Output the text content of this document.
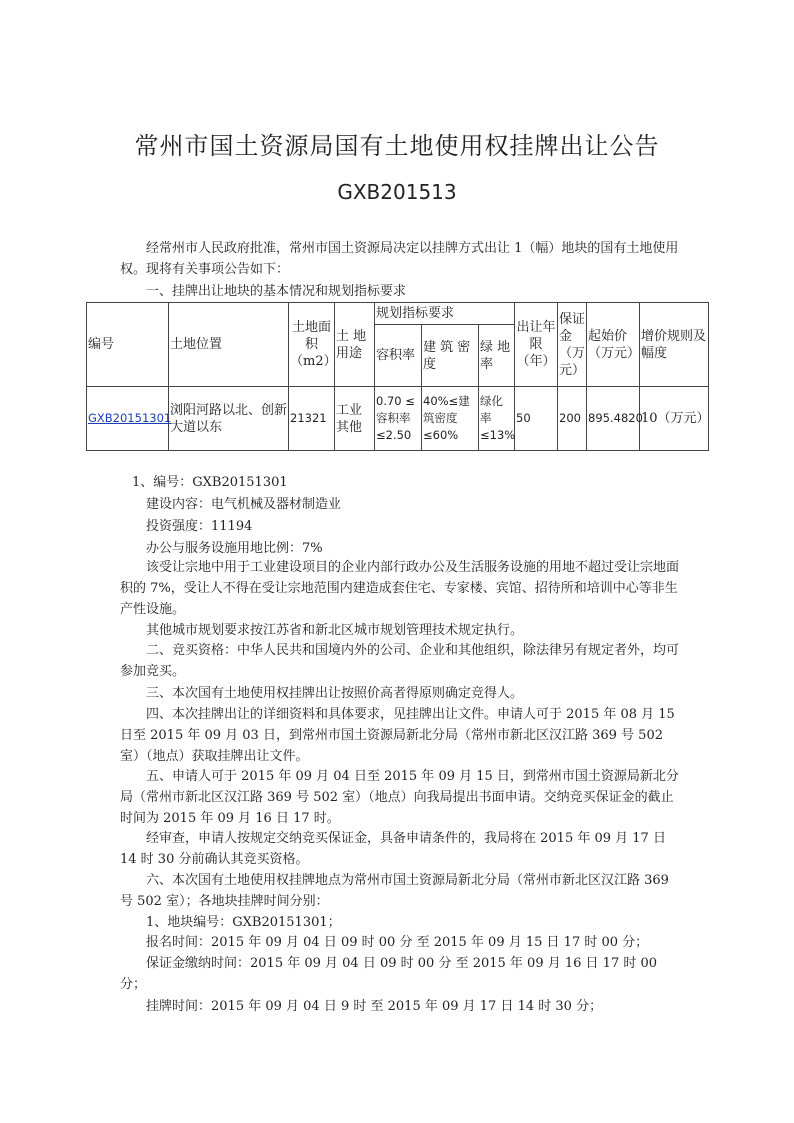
常州市国土资源局国有土地使用权挂牌出让公告
GXB201513
经常州市人民政府批准，常州市国土资源局决定以挂牌方式出让 1（幅）地块的国有土地使用权。现将有关事项公告如下：
一、挂牌出让地块的基本情况和规划指标要求
编号	土地位置	土地面积（m2）	土 地用途	规划指标要求			出让年限（年）	保证金（万元）	起始价（万元）	增价规则及幅度
				容积率	建 筑 密度	绿 地率				
GXB20151301	浏阳河路以北、创新大道以东	21321	工业其他	0.70 ≤容积率≤2.50	40%≤建筑密度≤60%	绿化率≤13%	50	200	895.4820	10（万元）
1、编号：GXB20151301
建设内容：电气机械及器材制造业
投资强度：11194
办公与服务设施用地比例：7%
该受让宗地中用于工业建设项目的企业内部行政办公及生活服务设施的用地不超过受让宗地面积的 7%，受让人不得在受让宗地范围内建造成套住宅、专家楼、宾馆、招待所和培训中心等非生产性设施。
其他城市规划要求按江苏省和新北区城市规划管理技术规定执行。
二、竞买资格：中华人民共和国境内外的公司、企业和其他组织，除法律另有规定者外，均可参加竞买。
三、本次国有土地使用权挂牌出让按照价高者得原则确定竞得人。
四、本次挂牌出让的详细资料和具体要求，见挂牌出让文件。申请人可于 2015 年 08 月 15 日至 2015 年 09 月 03 日，到常州市国土资源局新北分局（常州市新北区汉江路 369 号 502 室）（地点）获取挂牌出让文件。
五、申请人可于 2015 年 09 月 04 日至 2015 年 09 月 15 日，到常州市国土资源局新北分局（常州市新北区汉江路 369 号 502 室）（地点）向我局提出书面申请。交纳竞买保证金的截止时间为 2015 年 09 月 16 日 17 时。
经审查，申请人按规定交纳竞买保证金，具备申请条件的，我局将在 2015 年 09 月 17 日 14 时 30 分前确认其竞买资格。
六、本次国有土地使用权挂牌地点为常州市国土资源局新北分局（常州市新北区汉江路 369 号 502 室）；各地块挂牌时间分别：
1、地块编号：GXB20151301；
报名时间：2015 年 09 月 04 日 09 时 00 分 至 2015 年 09 月 15 日 17 时 00 分；
保证金缴纳时间：2015 年 09 月 04 日 09 时 00 分 至 2015 年 09 月 16 日 17 时 00 分；
挂牌时间：2015 年 09 月 04 日 9 时 至 2015 年 09 月 17 日 14 时 30 分；
